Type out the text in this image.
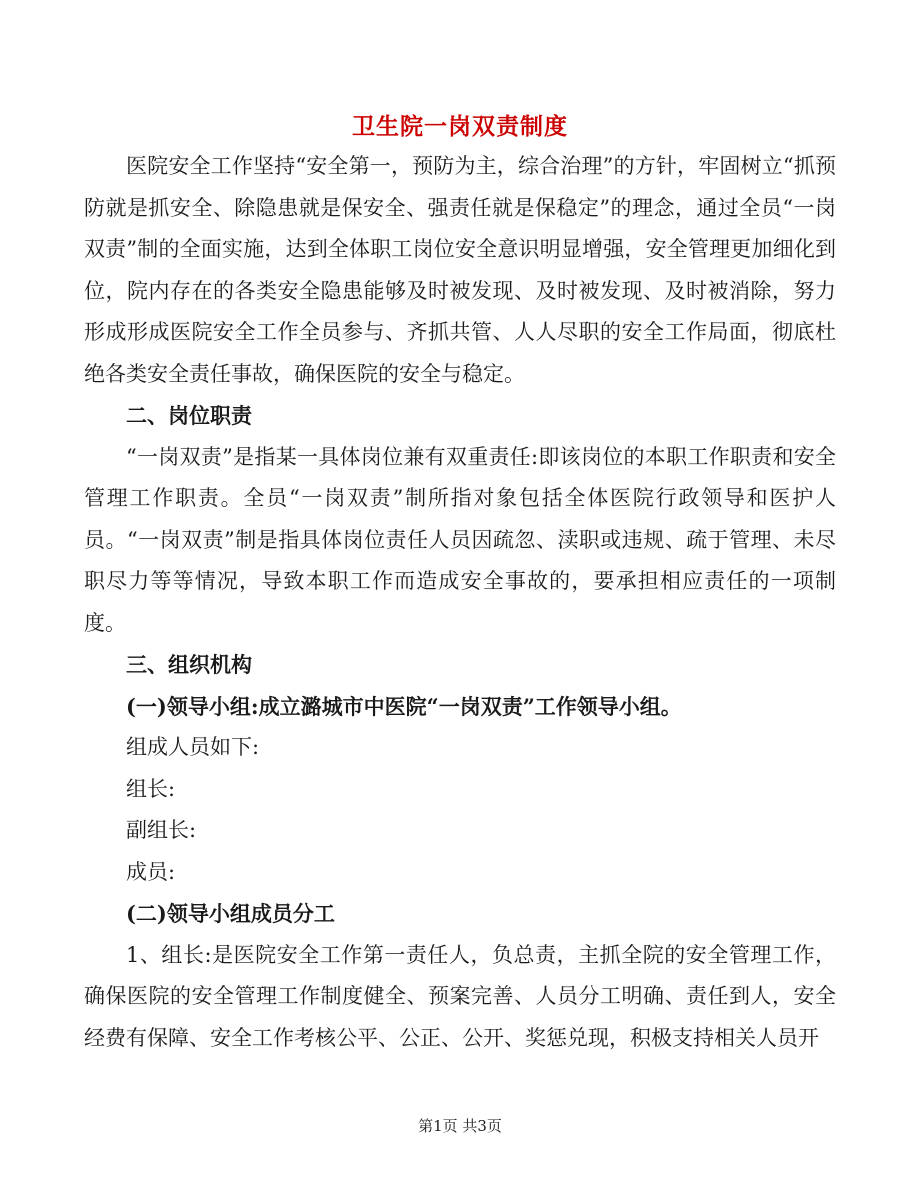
卫生院一岗双责制度

医院安全工作坚持“安全第一，预防为主，综合治理”的方针，牢固树立“抓预防就是抓安全、除隐患就是保安全、强责任就是保稳定”的理念，通过全员“一岗双责”制的全面实施，达到全体职工岗位安全意识明显增强，安全管理更加细化到位，院内存在的各类安全隐患能够及时被发现、及时被发现、及时被消除，努力形成形成医院安全工作全员参与、齐抓共管、人人尽职的安全工作局面，彻底杜绝各类安全责任事故，确保医院的安全与稳定。

二、岗位职责

“一岗双责”是指某一具体岗位兼有双重责任:即该岗位的本职工作职责和安全管理工作职责。全员“一岗双责”制所指对象包括全体医院行政领导和医护人员。“一岗双责”制是指具体岗位责任人员因疏忽、渎职或违规、疏于管理、未尽职尽力等等情况，导致本职工作而造成安全事故的，要承担相应责任的一项制度。

三、组织机构

(一)领导小组:成立潞城市中医院“一岗双责”工作领导小组。

组成人员如下:

组长:

副组长:

成员:

(二)领导小组成员分工

1、组长:是医院安全工作第一责任人，负总责，主抓全院的安全管理工作，确保医院的安全管理工作制度健全、预案完善、人员分工明确、责任到人，安全经费有保障、安全工作考核公平、公正、公开、奖惩兑现，积极支持相关人员开

第1页 共3页
